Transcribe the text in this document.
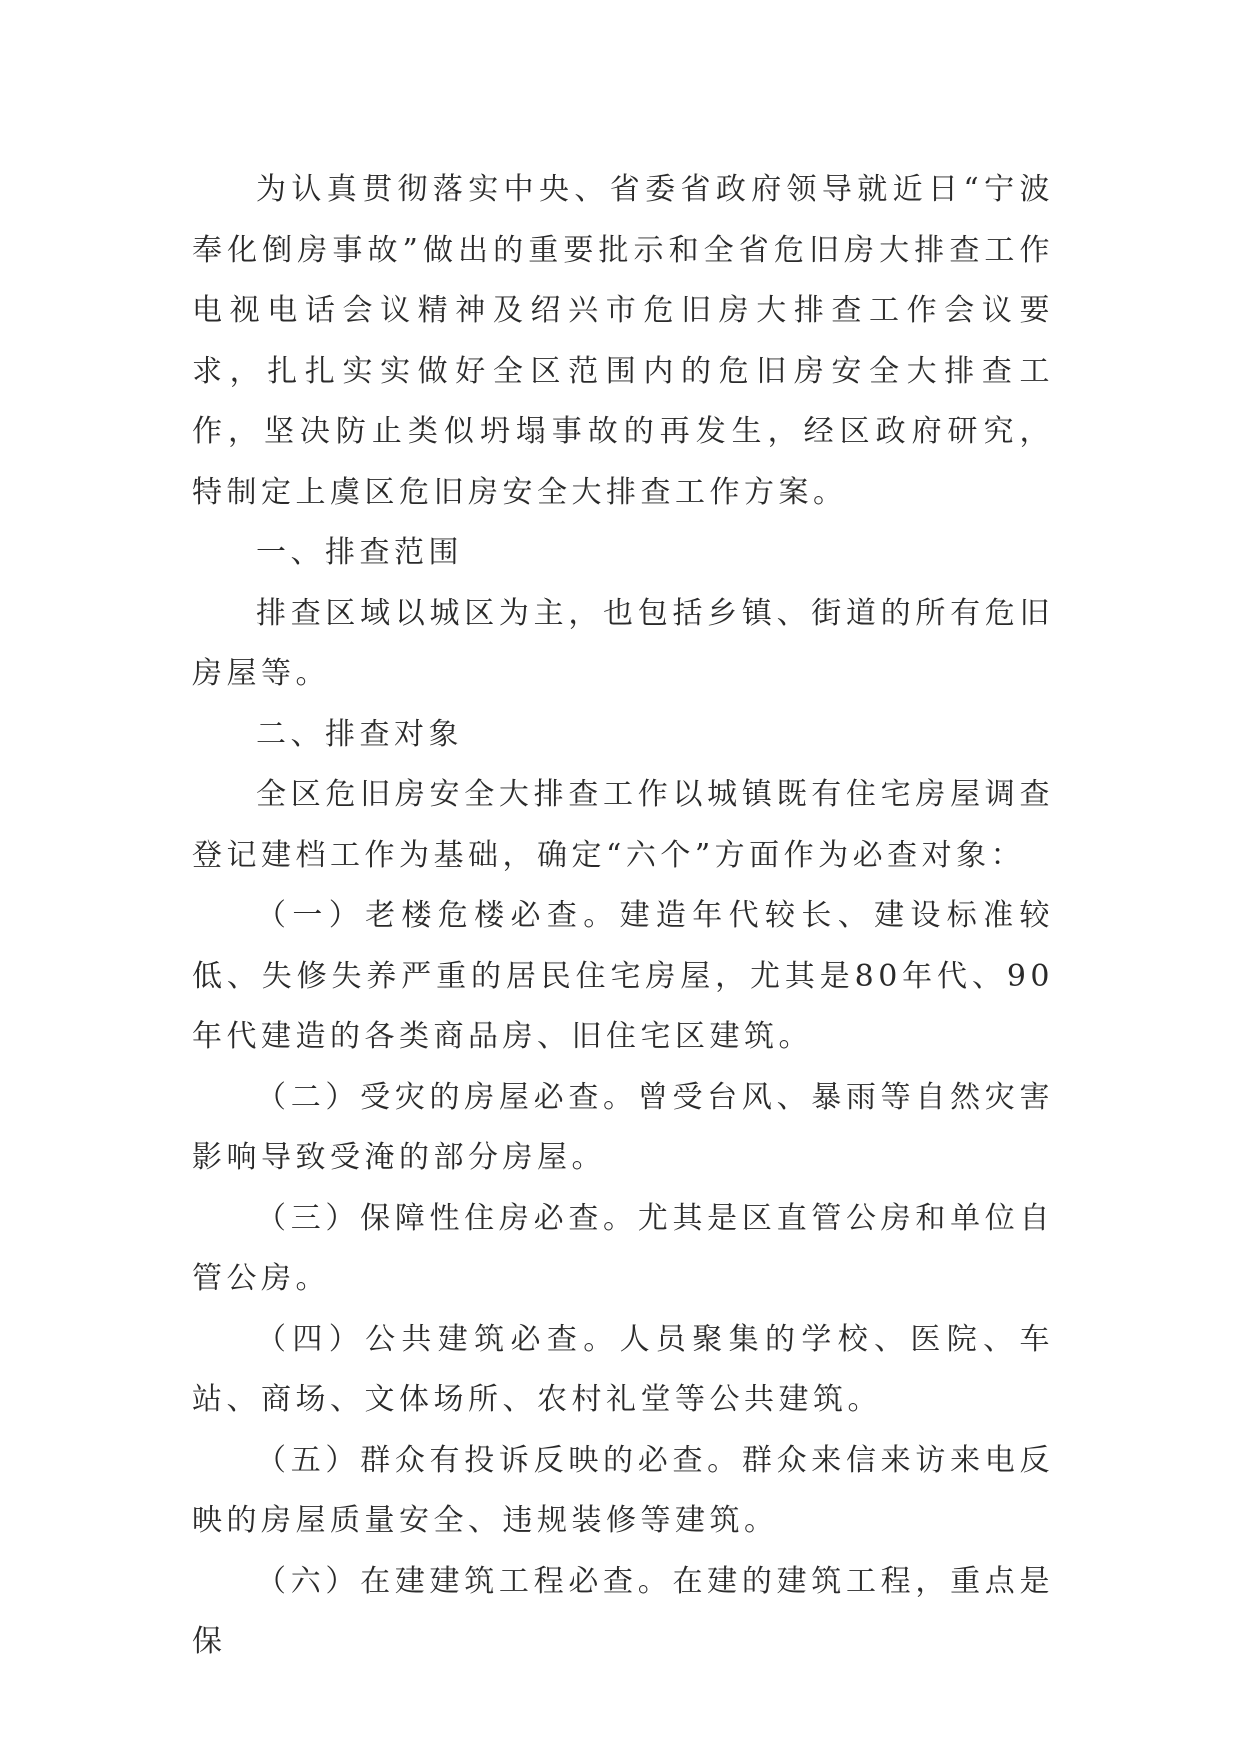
为认真贯彻落实中央、省委省政府领导就近日“宁波奉化倒房事故”做出的重要批示和全省危旧房大排查工作电视电话会议精神及绍兴市危旧房大排查工作会议要求，扎扎实实做好全区范围内的危旧房安全大排查工作，坚决防止类似坍塌事故的再发生，经区政府研究，特制定上虞区危旧房安全大排查工作方案。

一、排查范围

排查区域以城区为主，也包括乡镇、街道的所有危旧房屋等。

二、排查对象

全区危旧房安全大排查工作以城镇既有住宅房屋调查登记建档工作为基础，确定“六个”方面作为必查对象：

（一）老楼危楼必查。建造年代较长、建设标准较低、失修失养严重的居民住宅房屋，尤其是80年代、90年代建造的各类商品房、旧住宅区建筑。

（二）受灾的房屋必查。曾受台风、暴雨等自然灾害影响导致受淹的部分房屋。

（三）保障性住房必查。尤其是区直管公房和单位自管公房。

（四）公共建筑必查。人员聚集的学校、医院、车站、商场、文体场所、农村礼堂等公共建筑。

（五）群众有投诉反映的必查。群众来信来访来电反映的房屋质量安全、违规装修等建筑。

（六）在建建筑工程必查。在建的建筑工程，重点是保
